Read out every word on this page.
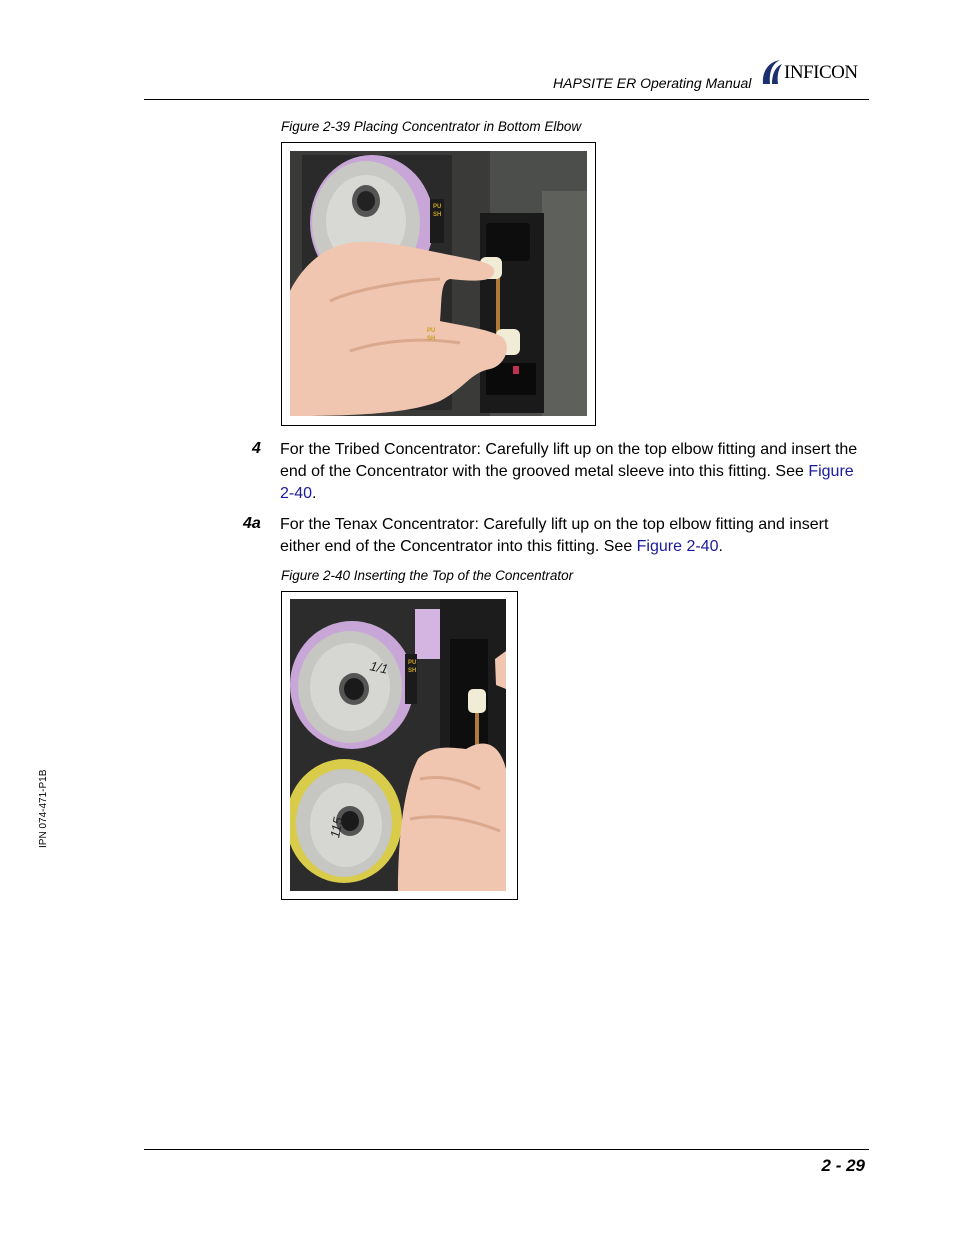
HAPSITE ER Operating Manual INFICON
Figure 2-39 Placing Concentrator in Bottom Elbow
PUSH
PUSH
4 For the Tribed Concentrator: Carefully lift up on the top elbow fitting and insert the end of the Concentrator with the grooved metal sleeve into this fitting. See Figure 2-40.
4a For the Tenax Concentrator: Carefully lift up on the top elbow fitting and insert either end of the Concentrator into this fitting. See Figure 2-40.
Figure 2-40 Inserting the Top of the Concentrator
PUSH
1/1
115
IPN 074-471-P1B
2 - 29
